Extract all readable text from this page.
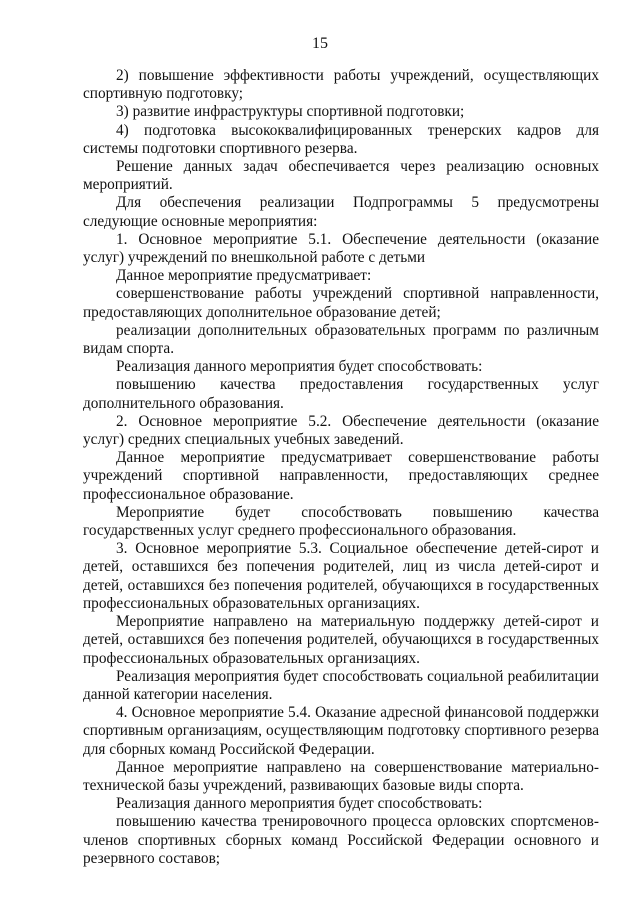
15

2) повышение эффективности работы учреждений, осуществляющих спортивную подготовку;

3) развитие инфраструктуры спортивной подготовки;

4) подготовка высококвалифицированных тренерских кадров для системы подготовки спортивного резерва.

Решение данных задач обеспечивается через реализацию основных мероприятий.

Для обеспечения реализации Подпрограммы 5 предусмотрены следующие основные мероприятия:

1. Основное мероприятие 5.1. Обеспечение деятельности (оказание услуг) учреждений по внешкольной работе с детьми

Данное мероприятие предусматривает:

совершенствование работы учреждений спортивной направленности, предоставляющих дополнительное образование детей;

реализации дополнительных образовательных программ по различным видам спорта.

Реализация данного мероприятия будет способствовать:

повышению качества предоставления государственных услуг дополнительного образования.

2. Основное мероприятие 5.2. Обеспечение деятельности (оказание услуг) средних специальных учебных заведений.

Данное мероприятие предусматривает совершенствование работы учреждений спортивной направленности, предоставляющих среднее профессиональное образование.

Мероприятие будет способствовать повышению качества государственных услуг среднего профессионального образования.

3. Основное мероприятие 5.3. Социальное обеспечение детей-сирот и детей, оставшихся без попечения родителей, лиц из числа детей-сирот и детей, оставшихся без попечения родителей, обучающихся в государственных профессиональных образовательных организациях.

Мероприятие направлено на материальную поддержку детей-сирот и детей, оставшихся без попечения родителей, обучающихся в государственных профессиональных образовательных организациях.

Реализация мероприятия будет способствовать социальной реабилитации данной категории населения.

4. Основное мероприятие 5.4. Оказание адресной финансовой поддержки спортивным организациям, осуществляющим подготовку спортивного резерва для сборных команд Российской Федерации.

Данное мероприятие направлено на совершенствование материально-технической базы учреждений, развивающих базовые виды спорта.

Реализация данного мероприятия будет способствовать:

повышению качества тренировочного процесса орловских спортсменов-членов спортивных сборных команд Российской Федерации основного и резервного составов;
